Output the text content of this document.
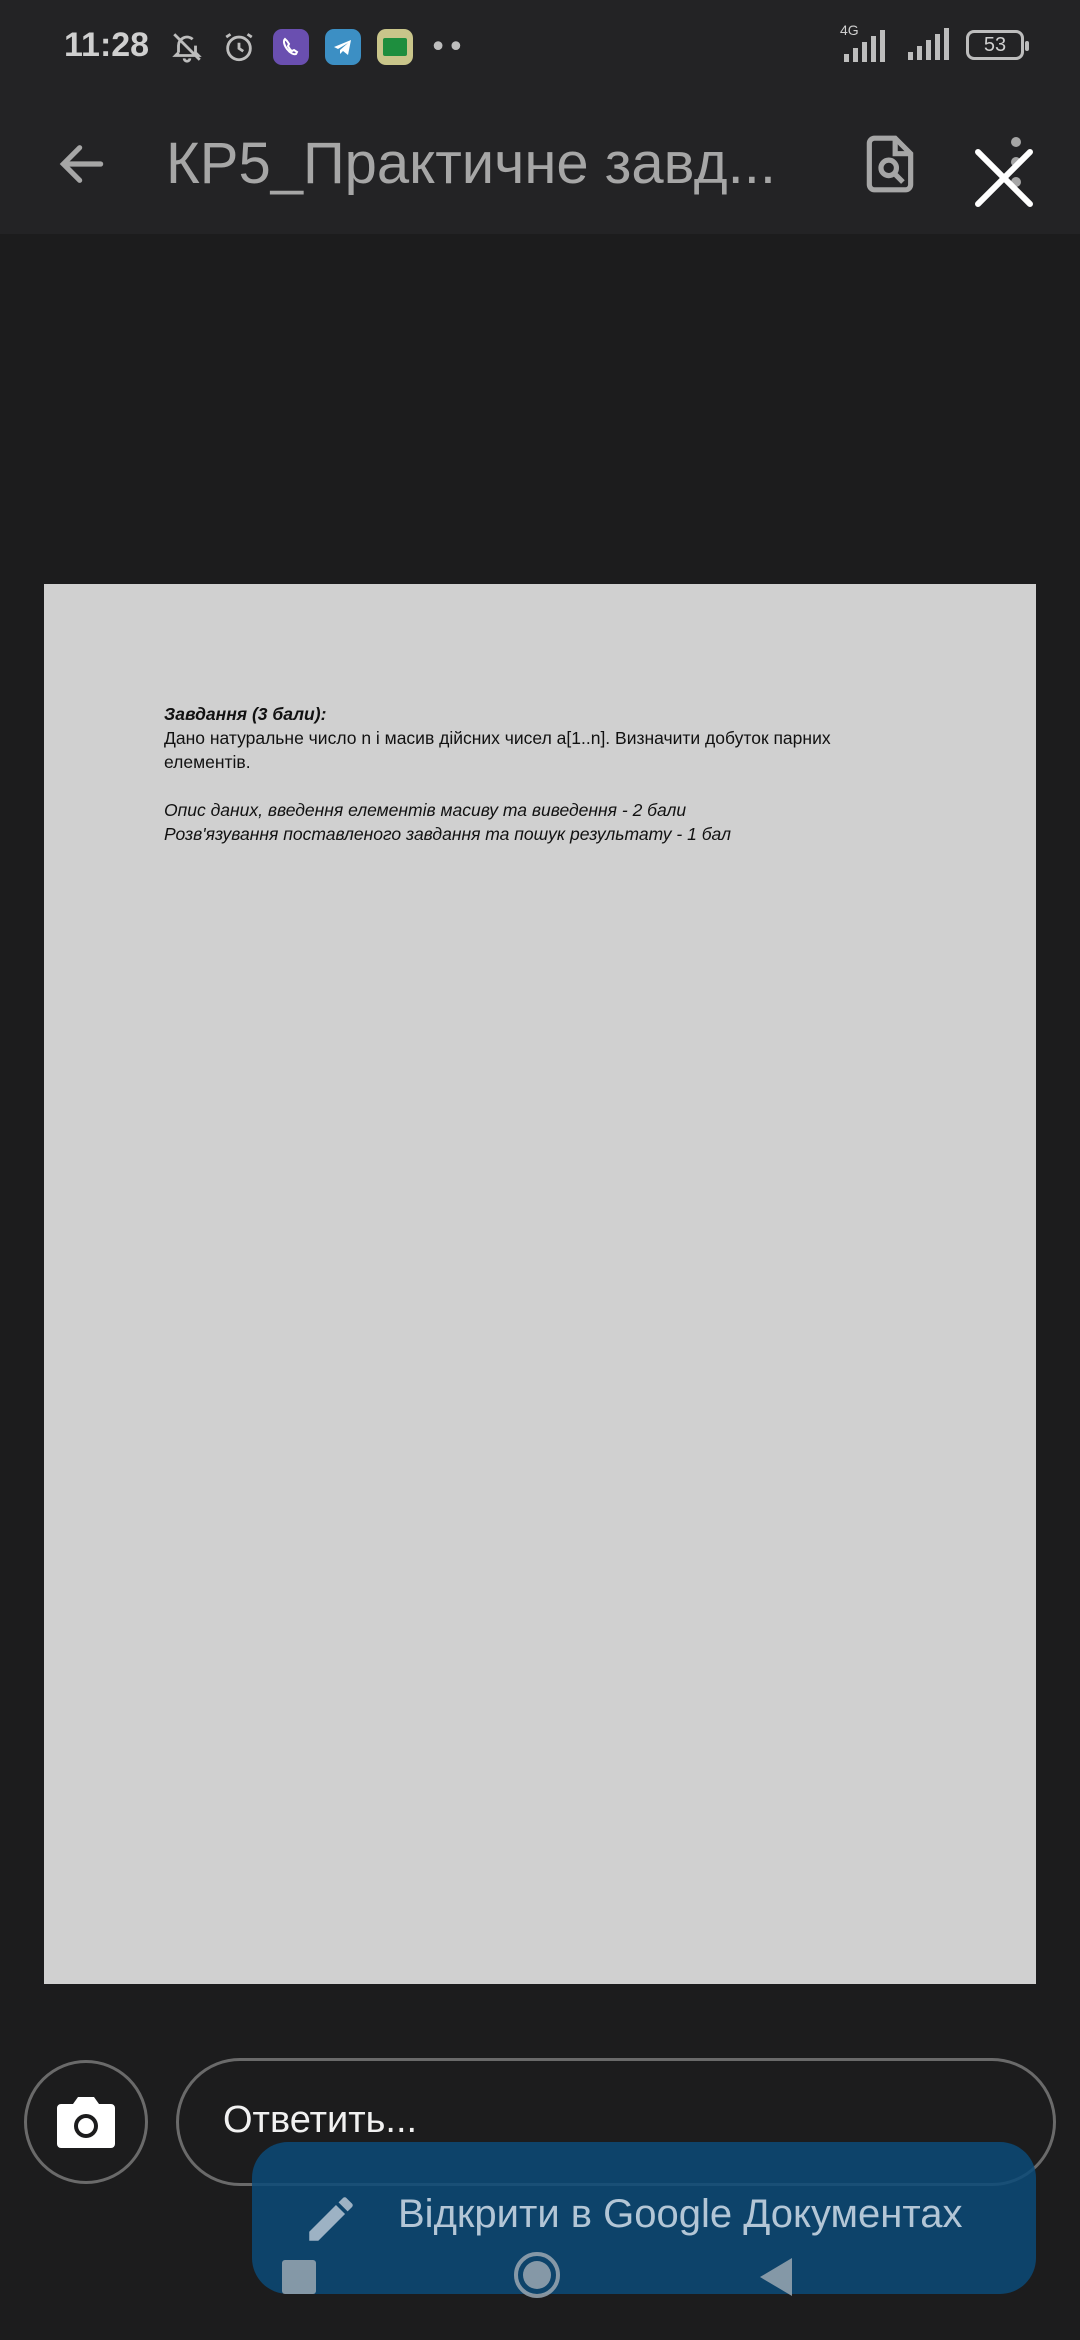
11:28	••	4G
53
КР5_Практичне завд...
Завдання (3 бали):
Дано натуральне число n і масив дійсних чисел a[1..n]. Визначити добуток парних
елементів.
Опис даних, введення елементів масиву та виведення - 2 бали
Розв'язування поставленого завдання та пошук результату - 1 бал
Ответить...
Відкрити в Google Документах
